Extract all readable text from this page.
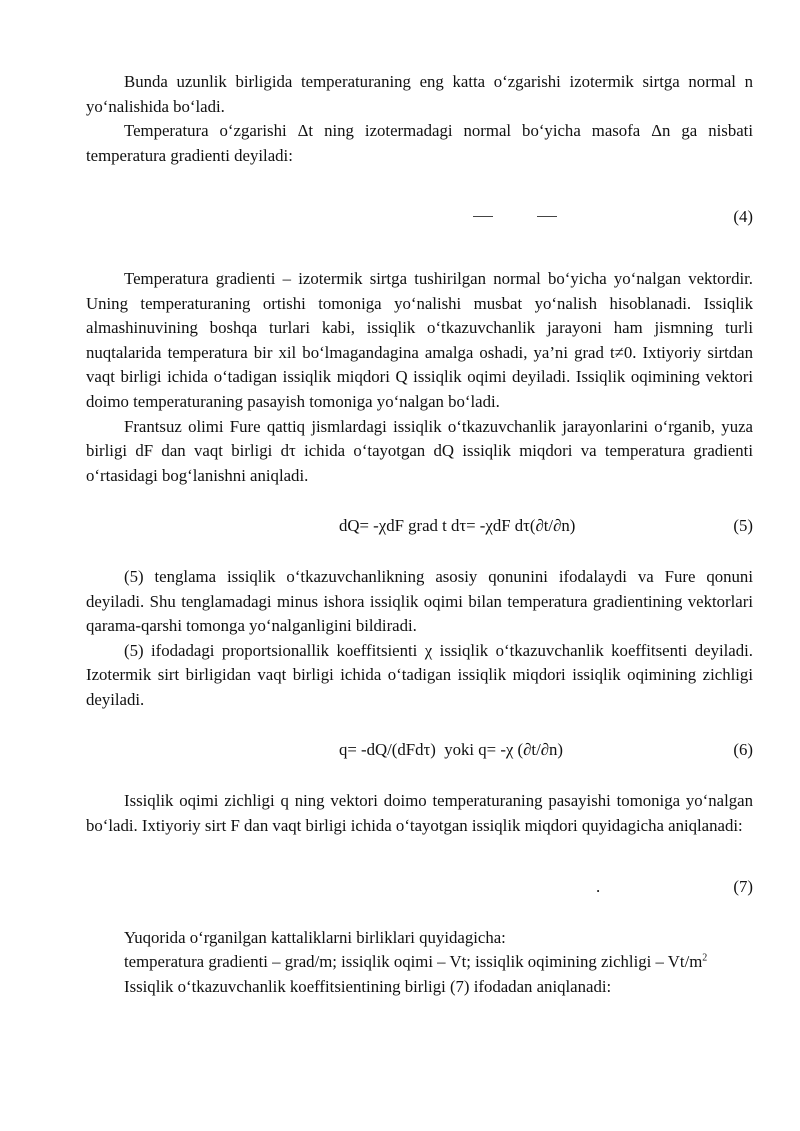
Bunda uzunlik birligida temperaturaning eng katta o‘zgarishi izotermik sirtga normal n yo‘nalishida bo‘ladi.

Temperatura o‘zgarishi Δt ning izotermadagi normal bo‘yicha masofa Δn ga nisbati temperatura gradienti deyiladi:

(4)

Temperatura gradienti – izotermik sirtga tushirilgan normal bo‘yicha yo‘nalgan vektordir. Uning temperaturaning ortishi tomoniga yo‘nalishi musbat yo‘nalish hisoblanadi. Issiqlik almashinuvining boshqa turlari kabi, issiqlik o‘tkazuvchanlik jarayoni ham jismning turli nuqtalarida temperatura bir xil bo‘lmagandagina amalga oshadi, ya’ni grad t≠0. Ixtiyoriy sirtdan vaqt birligi ichida o‘tadigan issiqlik miqdori Q issiqlik oqimi deyiladi. Issiqlik oqimining vektori doimo temperaturaning pasayish tomoniga yo‘nalgan bo‘ladi.

Frantsuz olimi Fure qattiq jismlardagi issiqlik o‘tkazuvchanlik jarayonlarini o‘rganib, yuza birligi dF dan vaqt birligi dτ ichida o‘tayotgan dQ issiqlik miqdori va temperatura gradienti o‘rtasidagi bog‘lanishni aniqladi.

dQ= -χdF grad t dτ= -χdF dτ(∂t/∂n)	(5)

(5) tenglama issiqlik o‘tkazuvchanlikning asosiy qonunini ifodalaydi va Fure qonuni deyiladi. Shu tenglamadagi minus ishora issiqlik oqimi bilan temperatura gradientining vektorlari qarama-qarshi tomonga yo‘nalganligini bildiradi.

(5) ifodadagi proportsionallik koeffitsienti χ issiqlik o‘tkazuvchanlik koeffitsenti deyiladi. Izotermik sirt birligidan vaqt birligi ichida o‘tadigan issiqlik miqdori issiqlik oqimining zichligi deyiladi.

q= -dQ/(dFdτ)  yoki q= -χ (∂t/∂n)	(6)

Issiqlik oqimi zichligi q ning vektori doimo temperaturaning pasayishi tomoniga yo‘nalgan bo‘ladi. Ixtiyoriy sirt F dan vaqt birligi ichida o‘tayotgan issiqlik miqdori quyidagicha aniqlanadi:

.	(7)

Yuqorida o‘rganilgan kattaliklarni birliklari quyidagicha:

temperatura gradienti – grad/m; issiqlik oqimi – Vt; issiqlik oqimining zichligi – $Vt/m^2$

Issiqlik o‘tkazuvchanlik koeffitsientining birligi (7) ifodadan aniqlanadi:
